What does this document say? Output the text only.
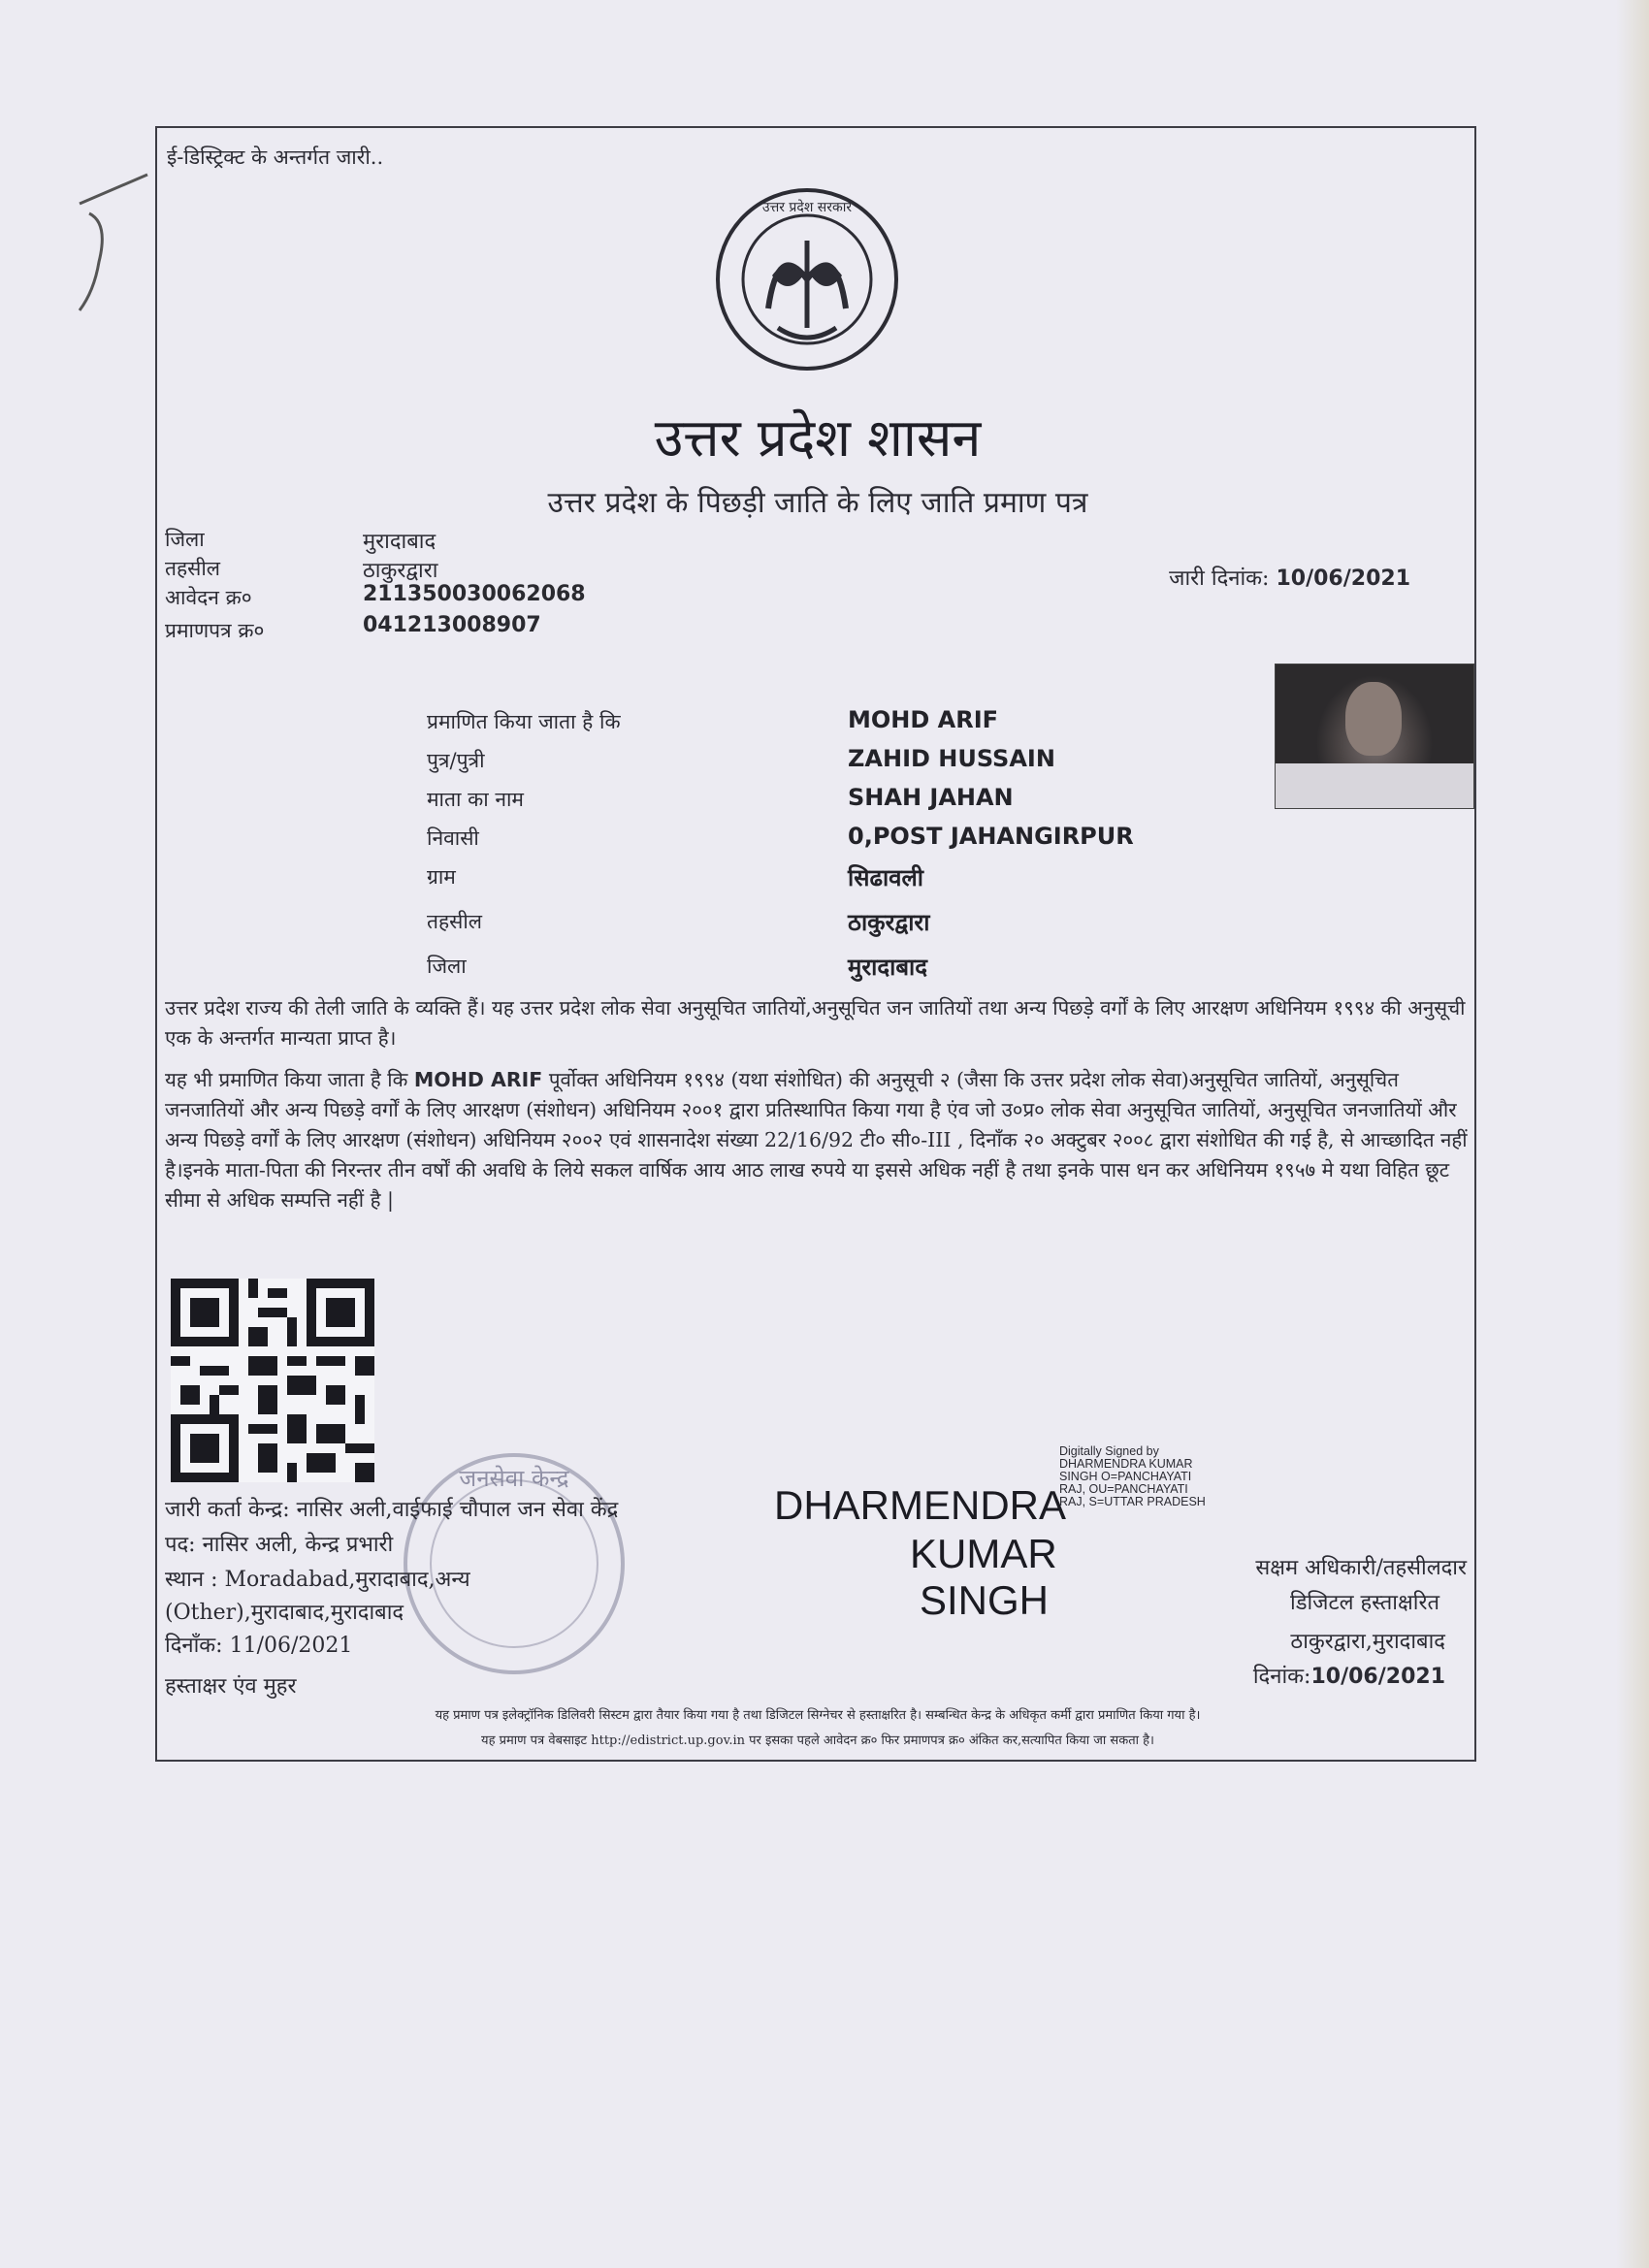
ई-डिस्ट्रिक्ट के अन्तर्गत जारी..
उत्तर प्रदेश सरकार
उत्तर प्रदेश शासन
उत्तर प्रदेश के पिछड़ी जाति के लिए जाति प्रमाण पत्र
जिला	मुरादाबाद
तहसील	ठाकुरद्वारा
आवेदन क्र०	211350030062068
प्रमाणपत्र क्र०	041213008907
जारी दिनांक: 10/06/2021
प्रमाणित किया जाता है कि	MOHD ARIF
पुत्र/पुत्री	ZAHID HUSSAIN
माता का नाम	SHAH JAHAN
निवासी	0,POST JAHANGIRPUR
ग्राम	सिढावली
तहसील	ठाकुरद्वारा
जिला	मुरादाबाद
उत्तर प्रदेश राज्य की तेली जाति के व्यक्ति हैं। यह उत्तर प्रदेश लोक सेवा अनुसूचित जातियों,अनुसूचित जन जातियों तथा अन्य पिछड़े वर्गों के लिए आरक्षण अधिनियम १९९४ की अनुसूची एक के अन्तर्गत मान्यता प्राप्त है।
यह भी प्रमाणित किया जाता है कि MOHD ARIF पूर्वोक्त अधिनियम १९९४ (यथा संशोधित) की अनुसूची २ (जैसा कि उत्तर प्रदेश लोक सेवा)अनुसूचित जातियों, अनुसूचित जनजातियों और अन्य पिछड़े वर्गों के लिए आरक्षण (संशोधन) अधिनियम २००१ द्वारा प्रतिस्थापित किया गया है एंव जो उ०प्र० लोक सेवा अनुसूचित जातियों, अनुसूचित जनजातियों और अन्य पिछड़े वर्गों के लिए आरक्षण (संशोधन) अधिनियम २००२ एवं शासनादेश संख्या 22/16/92 टी० सी०-III , दिनाँक २० अक्टुबर २००८ द्वारा संशोधित की गई है, से आच्छादित नहीं है।इनके माता-पिता की निरन्तर तीन वर्षों की अवधि के लिये सकल वार्षिक आय आठ लाख रुपये या इससे अधिक नहीं है तथा इनके पास धन कर अधिनियम १९५७ मे यथा विहित छूट सीमा से अधिक सम्पत्ति नहीं है |
जनसेवा केन्द्र
जारी कर्ता केन्द्र: नासिर अली,वाईफाई चौपाल जन सेवा केंद्र
पद: नासिर अली, केन्द्र प्रभारी
स्थान : Moradabad,मुरादाबाद,अन्य
(Other),मुरादाबाद,मुरादाबाद
दिनाँक: 11/06/2021
हस्ताक्षर एंव मुहर
DHARMENDRA
KUMAR
SINGH
Digitally Signed by DHARMENDRA KUMAR SINGH O=PANCHAYATI RAJ, OU=PANCHAYATI RAJ, S=UTTAR PRADESH
सक्षम अधिकारी/तहसीलदार
डिजिटल हस्ताक्षरित
ठाकुरद्वारा,मुरादाबाद
दिनांक:10/06/2021
यह प्रमाण पत्र इलेक्ट्रॉनिक डिलिवरी सिस्टम द्वारा तैयार किया गया है तथा डिजिटल सिग्नेचर से हस्ताक्षरित है। सम्बन्धित केन्द्र के अधिकृत कर्मी द्वारा प्रमाणित किया गया है।
यह प्रमाण पत्र वेबसाइट http://edistrict.up.gov.in पर इसका पहले आवेदन क्र० फिर प्रमाणपत्र क्र० अंकित कर,सत्यापित किया जा सकता है।
